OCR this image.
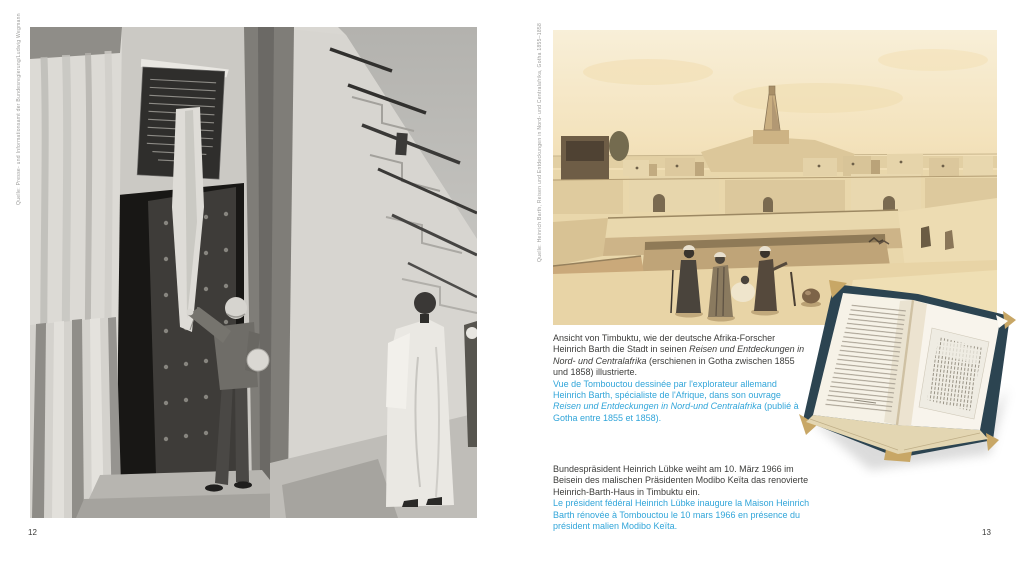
Quelle: Presse- und Informationsamt der Bundesregierung/Ludwig Wegmann
12
Quelle: Heinrich Barth, Reisen und Entdeckungen in Nord- und Centralafrika, Gotha 1855–1858
Ansicht von Timbuktu, wie der deutsche Afrika-Forscher Heinrich Barth die Stadt in seinen Reisen und Entdeckungen in Nord- und Centralafrika (erschienen in Gotha zwischen 1855 und 1858) illustrierte.
Vue de Tombouctou dessinée par l'explorateur allemand Heinrich Barth, spécialiste de l'Afrique, dans son ouvrage Reisen und Entdeckungen in Nord-und Centralafrika (publié à Gotha entre 1855 et 1858).
Bundespräsident Heinrich Lübke weiht am 10. März 1966 im Beisein des malischen Präsidenten Modibo Keïta das renovierte Heinrich-Barth-Haus in Timbuktu ein.
Le président fédéral Heinrich Lübke inaugure la Maison Heinrich Barth rénovée à Tombouctou le 10 mars 1966 en présence du président malien Modibo Keïta.
13
